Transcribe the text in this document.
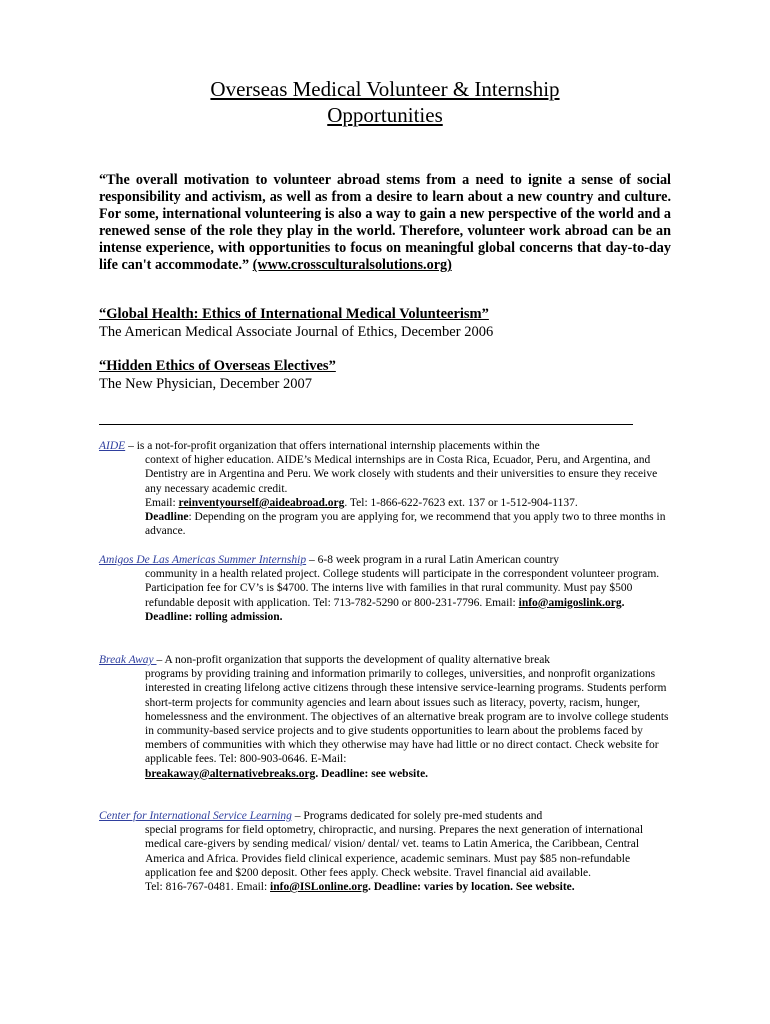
Overseas Medical Volunteer & Internship
Opportunities

“The overall motivation to volunteer abroad stems from a need to ignite a sense of social responsibility and activism, as well as from a desire to learn about a new country and culture. For some, international volunteering is also a way to gain a new perspective of the world and a renewed sense of the role they play in the world. Therefore, volunteer work abroad can be an intense experience, with opportunities to focus on meaningful global concerns that day-to-day life can't accommodate.” (www.crossculturalsolutions.org)

“Global Health: Ethics of International Medical Volunteerism”
The American Medical Associate Journal of Ethics, December 2006
“Hidden Ethics of Overseas Electives”
The New Physician, December 2007
AIDE – is a not-for-profit organization that offers international internship placements within the
context of higher education. AIDE’s Medical internships are in Costa Rica, Ecuador, Peru, and Argentina, and Dentistry are in Argentina and Peru. We work closely with students and their universities to ensure they receive any necessary academic credit.
Email: reinventyourself@aideabroad.org. Tel: 1-866-622-7623 ext. 137 or 1-512-904-1137.
Deadline: Depending on the program you are applying for, we recommend that you apply two to three months in advance.
Amigos De Las Americas Summer Internship – 6-8 week program in a rural Latin American country
community in a health related project. College students will participate in the correspondent volunteer program. Participation fee for CV’s is $4700. The interns live with families in that rural community. Must pay $500 refundable deposit with application. Tel: 713-782-5290 or 800-231-7796. Email: info@amigoslink.org.
Deadline: rolling admission.
Break Away – A non-profit organization that supports the development of quality alternative break
programs by providing training and information primarily to colleges, universities, and nonprofit organizations interested in creating lifelong active citizens through these intensive service-learning programs. Students perform short-term projects for community agencies and learn about issues such as literacy, poverty, racism, hunger, homelessness and the environment. The objectives of an alternative break program are to involve college students in community-based service projects and to give students opportunities to learn about the problems faced by members of communities with which they otherwise may have had little or no direct contact. Check website for applicable fees. Tel: 800-903-0646. E-Mail:
breakaway@alternativebreaks.org. Deadline: see website.
Center for International Service Learning – Programs dedicated for solely pre-med students and
special programs for field optometry, chiropractic, and nursing. Prepares the next generation of international medical care-givers by sending medical/ vision/ dental/ vet. teams to Latin America, the Caribbean, Central America and Africa. Provides field clinical experience, academic seminars. Must pay $85 non-refundable application fee and $200 deposit. Other fees apply. Check website. Travel financial aid available.
Tel: 816-767-0481. Email: info@ISLonline.org. Deadline: varies by location. See website.
